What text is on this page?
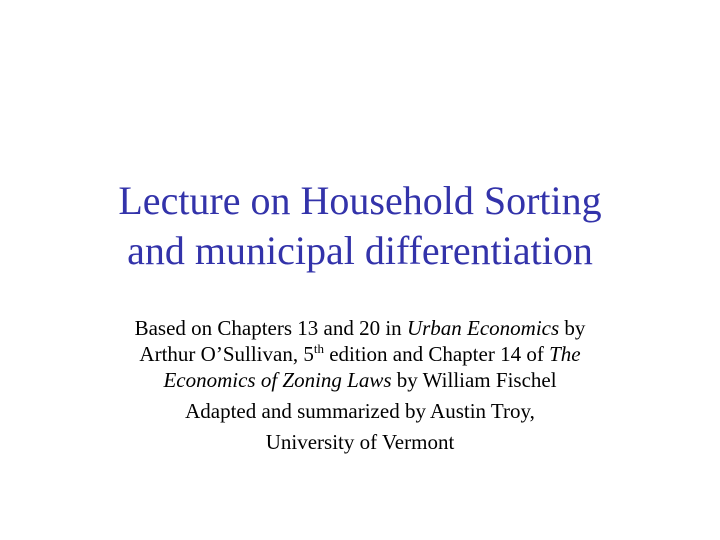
Lecture on Household Sorting
and municipal differentiation
Based on Chapters 13 and 20 in Urban Economics by
Arthur O’Sullivan, 5th edition and Chapter 14 of The
Economics of Zoning Laws by William Fischel
Adapted and summarized by Austin Troy,
University of Vermont
